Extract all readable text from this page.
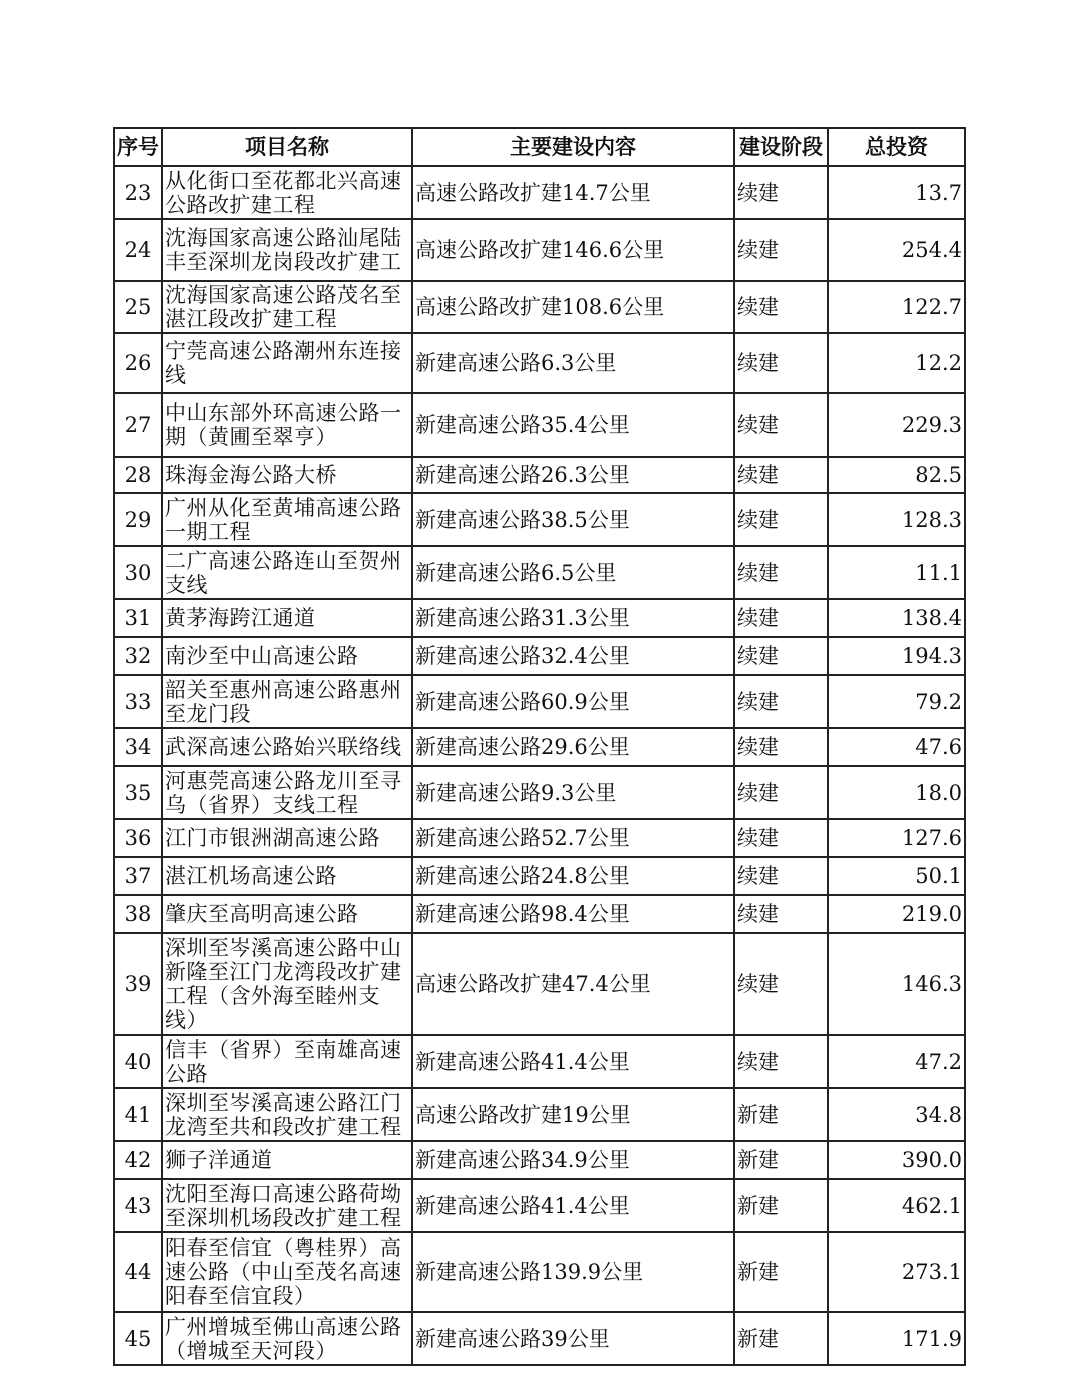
序号	项目名称	主要建设内容	建设阶段	总投资
23	从化街口至花都北兴高速公路改扩建工程	高速公路改扩建14.7公里	续建	13.7
24	沈海国家高速公路汕尾陆丰至深圳龙岗段改扩建工	高速公路改扩建146.6公里	续建	254.4
25	沈海国家高速公路茂名至湛江段改扩建工程	高速公路改扩建108.6公里	续建	122.7
26	宁莞高速公路潮州东连接线	新建高速公路6.3公里	续建	12.2
27	中山东部外环高速公路一期（黄圃至翠亨）	新建高速公路35.4公里	续建	229.3
28	珠海金海公路大桥	新建高速公路26.3公里	续建	82.5
29	广州从化至黄埔高速公路一期工程	新建高速公路38.5公里	续建	128.3
30	二广高速公路连山至贺州支线	新建高速公路6.5公里	续建	11.1
31	黄茅海跨江通道	新建高速公路31.3公里	续建	138.4
32	南沙至中山高速公路	新建高速公路32.4公里	续建	194.3
33	韶关至惠州高速公路惠州至龙门段	新建高速公路60.9公里	续建	79.2
34	武深高速公路始兴联络线	新建高速公路29.6公里	续建	47.6
35	河惠莞高速公路龙川至寻乌（省界）支线工程	新建高速公路9.3公里	续建	18.0
36	江门市银洲湖高速公路	新建高速公路52.7公里	续建	127.6
37	湛江机场高速公路	新建高速公路24.8公里	续建	50.1
38	肇庆至高明高速公路	新建高速公路98.4公里	续建	219.0
39	深圳至岑溪高速公路中山新隆至江门龙湾段改扩建工程（含外海至睦州支线）	高速公路改扩建47.4公里	续建	146.3
40	信丰（省界）至南雄高速公路	新建高速公路41.4公里	续建	47.2
41	深圳至岑溪高速公路江门龙湾至共和段改扩建工程	高速公路改扩建19公里	新建	34.8
42	狮子洋通道	新建高速公路34.9公里	新建	390.0
43	沈阳至海口高速公路荷坳至深圳机场段改扩建工程	新建高速公路41.4公里	新建	462.1
44	阳春至信宜（粤桂界）高速公路（中山至茂名高速阳春至信宜段）	新建高速公路139.9公里	新建	273.1
45	广州增城至佛山高速公路（增城至天河段）	新建高速公路39公里	新建	171.9
